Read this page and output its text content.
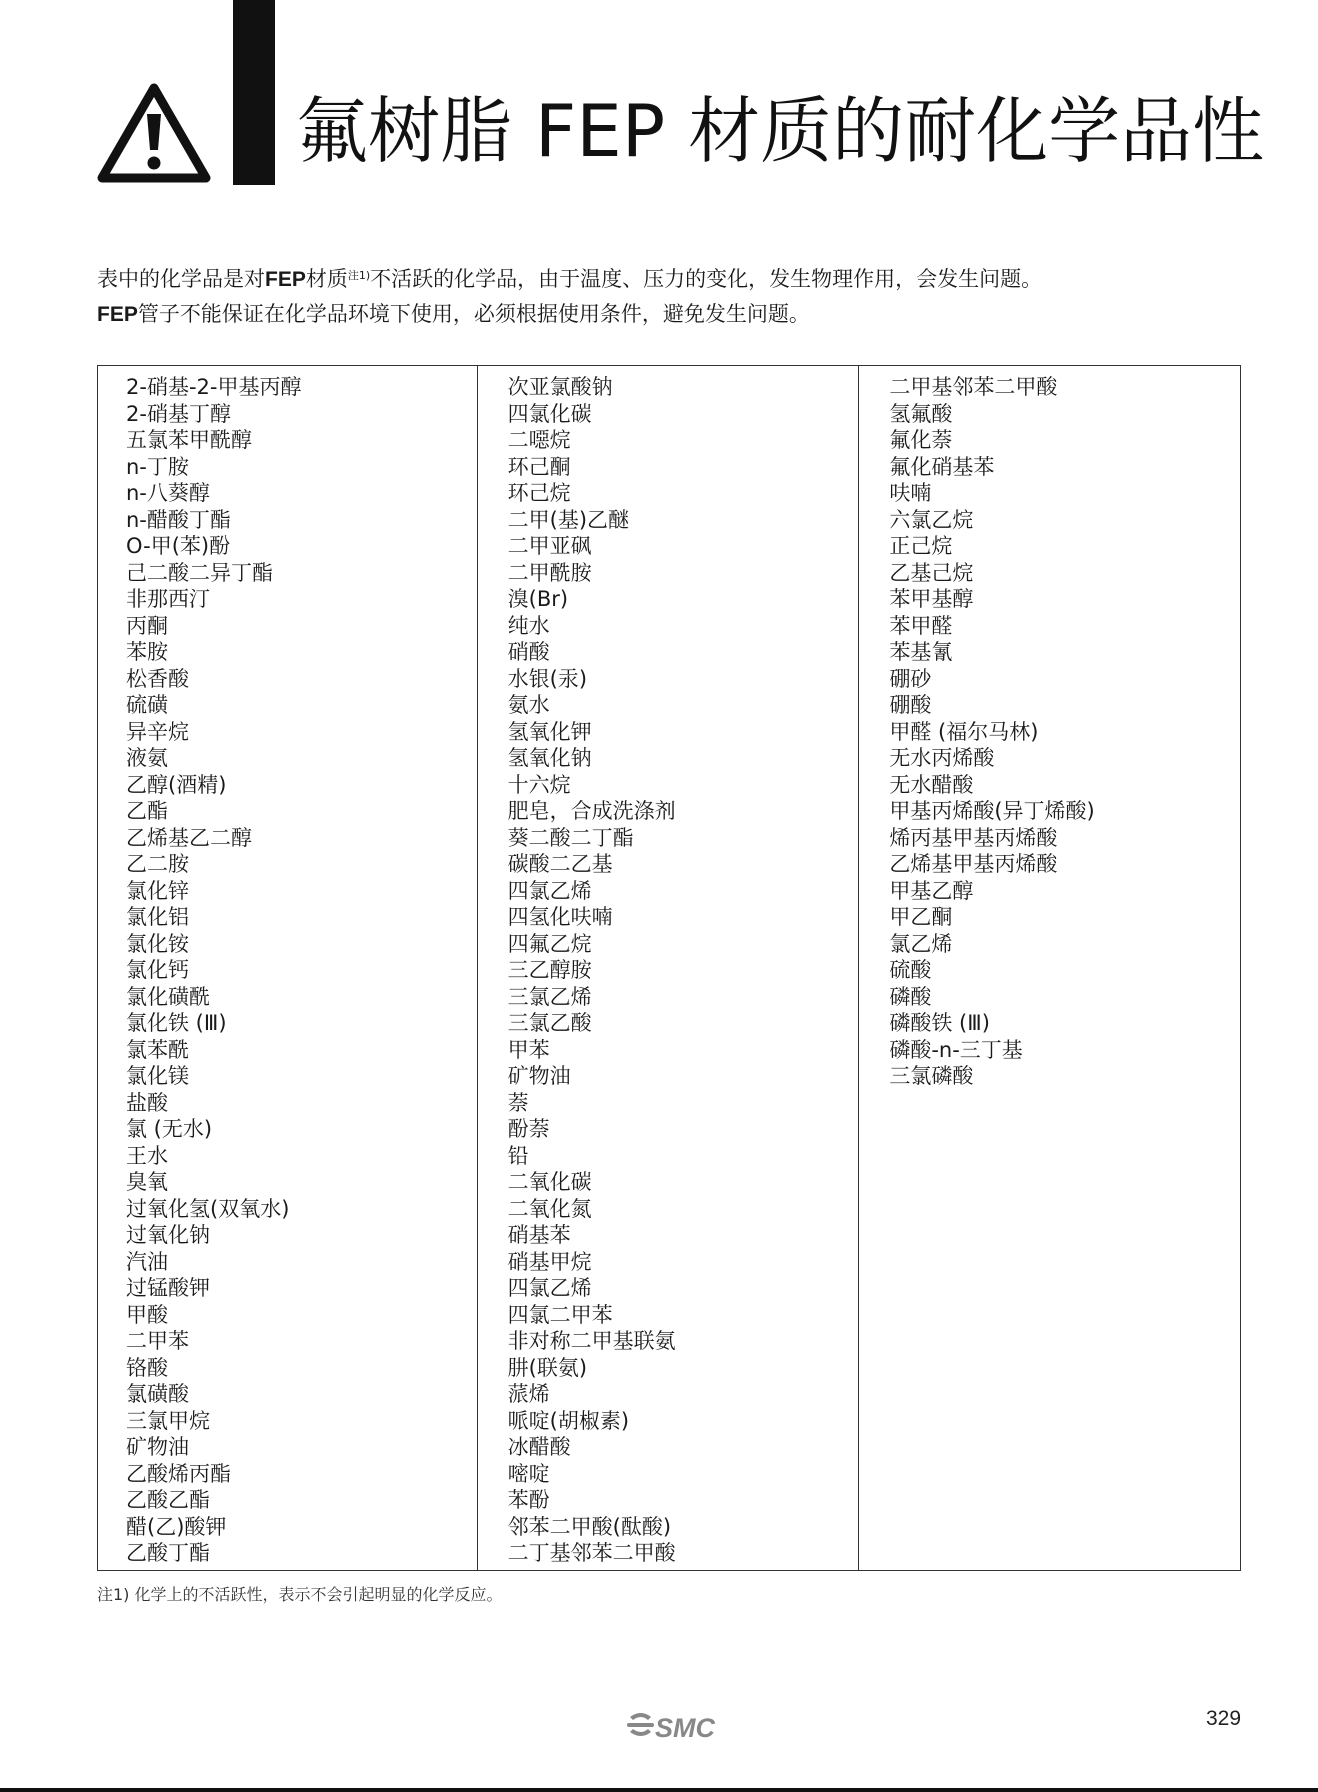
氟树脂 FEP 材质的耐化学品性
表中的化学品是对FEP材质$^{注1)}$不活跃的化学品，由于温度、压力的变化，发生物理作用，会发生问题。
FEP管子不能保证在化学品环境下使用，必须根据使用条件，避免发生问题。
2-硝基-2-甲基丙醇
2-硝基丁醇
五氯苯甲酰醇
n-丁胺
n-八葵醇
n-醋酸丁酯
O-甲(苯)酚
己二酸二异丁酯
非那西汀
丙酮
苯胺
松香酸
硫磺
异辛烷
液氨
乙醇(酒精)
乙酯
乙烯基乙二醇
乙二胺
氯化锌
氯化铝
氯化铵
氯化钙
氯化磺酰
氯化铁 (Ⅲ)
氯苯酰
氯化镁
盐酸
氯 (无水)
王水
臭氧
过氧化氢(双氧水)
过氧化钠
汽油
过锰酸钾
甲酸
二甲苯
铬酸
氯磺酸
三氯甲烷
矿物油
乙酸烯丙酯
乙酸乙酯
醋(乙)酸钾
乙酸丁酯
次亚氯酸钠
四氯化碳
二噁烷
环己酮
环己烷
二甲(基)乙醚
二甲亚砜
二甲酰胺
溴(Br)
纯水
硝酸
水银(汞)
氨水
氢氧化钾
氢氧化钠
十六烷
肥皂，合成洗涤剂
葵二酸二丁酯
碳酸二乙基
四氯乙烯
四氢化呋喃
四氟乙烷
三乙醇胺
三氯乙烯
三氯乙酸
甲苯
矿物油
萘
酚萘
铅
二氧化碳
二氧化氮
硝基苯
硝基甲烷
四氯乙烯
四氯二甲苯
非对称二甲基联氨
肼(联氨)
蒎烯
哌啶(胡椒素)
冰醋酸
嘧啶
苯酚
邻苯二甲酸(酞酸)
二丁基邻苯二甲酸
二甲基邻苯二甲酸
氢氟酸
氟化萘
氟化硝基苯
呋喃
六氯乙烷
正己烷
乙基己烷
苯甲基醇
苯甲醛
苯基氰
硼砂
硼酸
甲醛 (福尔马林)
无水丙烯酸
无水醋酸
甲基丙烯酸(异丁烯酸)
烯丙基甲基丙烯酸
乙烯基甲基丙烯酸
甲基乙醇
甲乙酮
氯乙烯
硫酸
磷酸
磷酸铁 (Ⅲ)
磷酸-n-三丁基
三氯磷酸
注1) 化学上的不活跃性，表示不会引起明显的化学反应。
SMC	329
